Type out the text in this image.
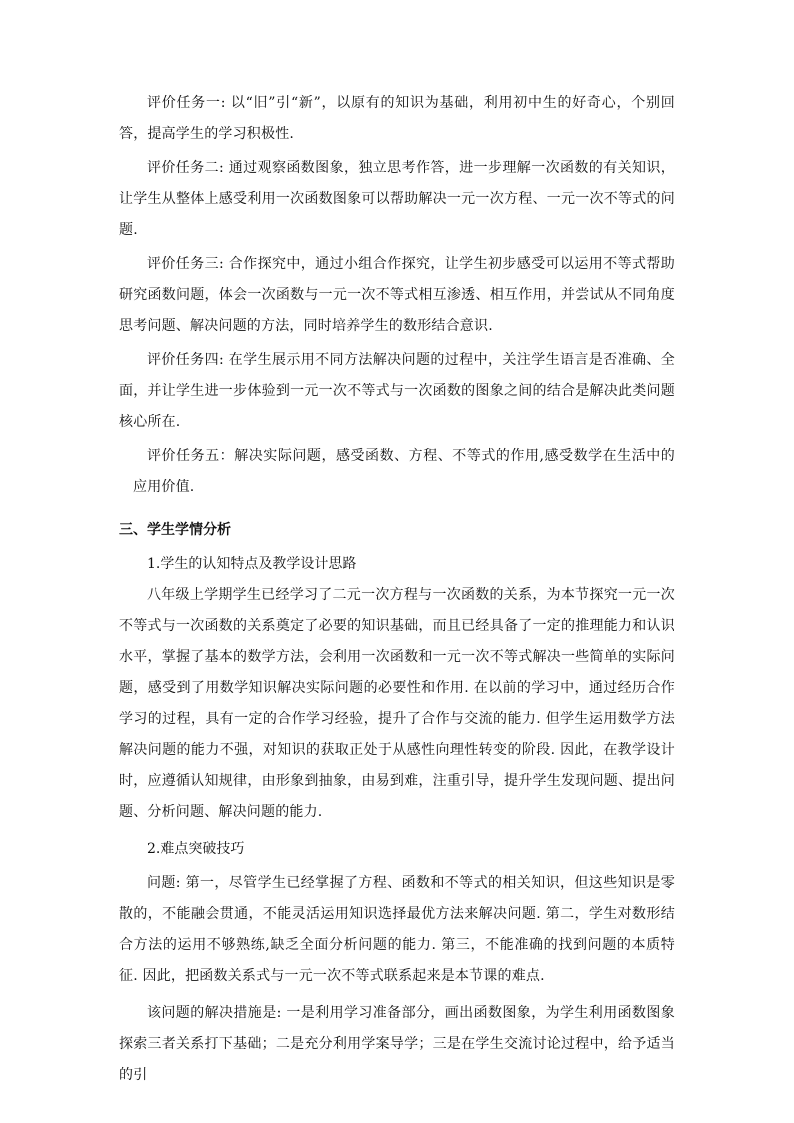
评价任务一: 以“旧”引“新”，以原有的知识为基础，利用初中生的好奇心，个别回答，提高学生的学习积极性.

评价任务二: 通过观察函数图象，独立思考作答，进一步理解一次函数的有关知识，让学生从整体上感受利用一次函数图象可以帮助解决一元一次方程、一元一次不等式的问题.

评价任务三: 合作探究中，通过小组合作探究，让学生初步感受可以运用不等式帮助研究函数问题，体会一次函数与一元一次不等式相互渗透、相互作用，并尝试从不同角度思考问题、解决问题的方法，同时培养学生的数形结合意识.

评价任务四: 在学生展示用不同方法解决问题的过程中，关注学生语言是否准确、全面，并让学生进一步体验到一元一次不等式与一次函数的图象之间的结合是解决此类问题核心所在.

评价任务五：解决实际问题，感受函数、方程、不等式的作用,感受数学在生活中的应用价值.

三、学生学情分析

1.学生的认知特点及教学设计思路

八年级上学期学生已经学习了二元一次方程与一次函数的关系，为本节探究一元一次不等式与一次函数的关系奠定了必要的知识基础，而且已经具备了一定的推理能力和认识水平，掌握了基本的数学方法，会利用一次函数和一元一次不等式解决一些简单的实际问题，感受到了用数学知识解决实际问题的必要性和作用. 在以前的学习中，通过经历合作学习的过程，具有一定的合作学习经验，提升了合作与交流的能力. 但学生运用数学方法解决问题的能力不强，对知识的获取正处于从感性向理性转变的阶段. 因此，在教学设计时，应遵循认知规律，由形象到抽象，由易到难，注重引导，提升学生发现问题、提出问题、分析问题、解决问题的能力.

2.难点突破技巧

问题: 第一，尽管学生已经掌握了方程、函数和不等式的相关知识，但这些知识是零散的，不能融会贯通，不能灵活运用知识选择最优方法来解决问题. 第二，学生对数形结合方法的运用不够熟练,缺乏全面分析问题的能力. 第三，不能准确的找到问题的本质特征. 因此，把函数关系式与一元一次不等式联系起来是本节课的难点.

该问题的解决措施是: 一是利用学习准备部分，画出函数图象，为学生利用函数图象探索三者关系打下基础；二是充分利用学案导学；三是在学生交流讨论过程中，给予适当的引
